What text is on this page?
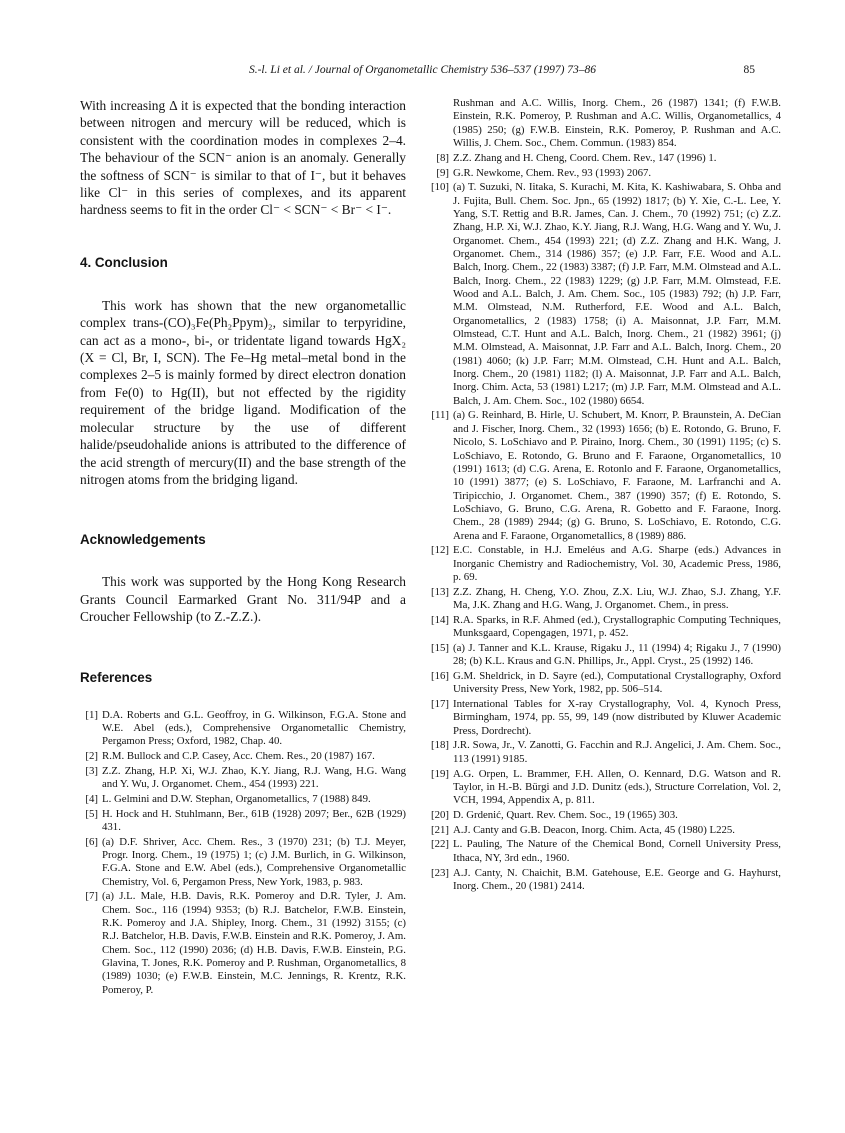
S.-l. Li et al. / Journal of Organometallic Chemistry 536–537 (1997) 73–86	85

With increasing Δ it is expected that the bonding interaction between nitrogen and mercury will be reduced, which is consistent with the coordination modes in complexes 2–4. The behaviour of the SCN⁻ anion is an anomaly. Generally the softness of SCN⁻ is similar to that of I⁻, but it behaves like Cl⁻ in this series of complexes, and its apparent hardness seems to fit in the order Cl⁻ < SCN⁻ < Br⁻ < I⁻.

4. Conclusion

This work has shown that the new organometallic complex trans-(CO)₃Fe(Ph₂Ppym)₂, similar to terpyridine, can act as a mono-, bi-, or tridentate ligand towards HgX₂ (X = Cl, Br, I, SCN). The Fe–Hg metal–metal bond in the complexes 2–5 is mainly formed by direct electron donation from Fe(0) to Hg(II), but not effected by the rigidity requirement of the bridge ligand. Modification of the molecular structure by the use of different halide/pseudohalide anions is attributed to the difference of the acid strength of mercury(II) and the base strength of the nitrogen atoms from the bridging ligand.

Acknowledgements

This work was supported by the Hong Kong Research Grants Council Earmarked Grant No. 311/94P and a Croucher Fellowship (to Z.-Z.Z.).

References
[1] D.A. Roberts and G.L. Geoffroy, in G. Wilkinson, F.G.A. Stone and W.E. Abel (eds.), Comprehensive Organometallic Chemistry, Pergamon Press; Oxford, 1982, Chap. 40.
[2] R.M. Bullock and C.P. Casey, Acc. Chem. Res., 20 (1987) 167.
[3] Z.Z. Zhang, H.P. Xi, W.J. Zhao, K.Y. Jiang, R.J. Wang, H.G. Wang and Y. Wu, J. Organomet. Chem., 454 (1993) 221.
[4] L. Gelmini and D.W. Stephan, Organometallics, 7 (1988) 849.
[5] H. Hock and H. Stuhlmann, Ber., 61B (1928) 2097; Ber., 62B (1929) 431.
[6] (a) D.F. Shriver, Acc. Chem. Res., 3 (1970) 231; (b) T.J. Meyer, Progr. Inorg. Chem., 19 (1975) 1; (c) J.M. Burlich, in G. Wilkinson, F.G.A. Stone and E.W. Abel (eds.), Comprehensive Organometallic Chemistry, Vol. 6, Pergamon Press, New York, 1983, p. 983.
[7] (a) J.L. Male, H.B. Davis, R.K. Pomeroy and D.R. Tyler, J. Am. Chem. Soc., 116 (1994) 9353; (b) R.J. Batchelor, F.W.B. Einstein, R.K. Pomeroy and J.A. Shipley, Inorg. Chem., 31 (1992) 3155; (c) R.J. Batchelor, H.B. Davis, F.W.B. Einstein and R.K. Pomeroy, J. Am. Chem. Soc., 112 (1990) 2036; (d) H.B. Davis, F.W.B. Einstein, P.G. Glavina, T. Jones, R.K. Pomeroy and P. Rushman, Organometallics, 8 (1989) 1030; (e) F.W.B. Einstein, M.C. Jennings, R. Krentz, R.K. Pomeroy, P.
Rushman and A.C. Willis, Inorg. Chem., 26 (1987) 1341; (f) F.W.B. Einstein, R.K. Pomeroy, P. Rushman and A.C. Willis, Organometallics, 4 (1985) 250; (g) F.W.B. Einstein, R.K. Pomeroy, P. Rushman and A.C. Willis, J. Chem. Soc., Chem. Commun. (1983) 854.
[8] Z.Z. Zhang and H. Cheng, Coord. Chem. Rev., 147 (1996) 1.
[9] G.R. Newkome, Chem. Rev., 93 (1993) 2067.
[10] (a) T. Suzuki, N. Iitaka, S. Kurachi, M. Kita, K. Kashiwabara, S. Ohba and J. Fujita, Bull. Chem. Soc. Jpn., 65 (1992) 1817; (b) Y. Xie, C.-L. Lee, Y. Yang, S.T. Rettig and B.R. James, Can. J. Chem., 70 (1992) 751; (c) Z.Z. Zhang, H.P. Xi, W.J. Zhao, K.Y. Jiang, R.J. Wang, H.G. Wang and Y. Wu, J. Organomet. Chem., 454 (1993) 221; (d) Z.Z. Zhang and H.K. Wang, J. Organomet. Chem., 314 (1986) 357; (e) J.P. Farr, F.E. Wood and A.L. Balch, Inorg. Chem., 22 (1983) 3387; (f) J.P. Farr, M.M. Olmstead and A.L. Balch, Inorg. Chem., 22 (1983) 1229; (g) J.P. Farr, M.M. Olmstead, F.E. Wood and A.L. Balch, J. Am. Chem. Soc., 105 (1983) 792; (h) J.P. Farr, M.M. Olmstead, N.M. Rutherford, F.E. Wood and A.L. Balch, Organometallics, 2 (1983) 1758; (i) A. Maisonnat, J.P. Farr, M.M. Olmstead, C.T. Hunt and A.L. Balch, Inorg. Chem., 21 (1982) 3961; (j) M.M. Olmstead, A. Maisonnat, J.P. Farr and A.L. Balch, Inorg. Chem., 20 (1981) 4060; (k) J.P. Farr; M.M. Olmstead, C.H. Hunt and A.L. Balch, Inorg. Chem., 20 (1981) 1182; (l) A. Maisonnat, J.P. Farr and A.L. Balch, Inorg. Chim. Acta, 53 (1981) L217; (m) J.P. Farr, M.M. Olmstead and A.L. Balch, J. Am. Chem. Soc., 102 (1980) 6654.
[11] (a) G. Reinhard, B. Hirle, U. Schubert, M. Knorr, P. Braunstein, A. DeCian and J. Fischer, Inorg. Chem., 32 (1993) 1656; (b) E. Rotondo, G. Bruno, F. Nicolo, S. LoSchiavo and P. Piraino, Inorg. Chem., 30 (1991) 1195; (c) S. LoSchiavo, E. Rotondo, G. Bruno and F. Faraone, Organometallics, 10 (1991) 1613; (d) C.G. Arena, E. Rotonlo and F. Faraone, Organometallics, 10 (1991) 3877; (e) S. LoSchiavo, F. Faraone, M. Larfranchi and A. Tiripicchio, J. Organomet. Chem., 387 (1990) 357; (f) E. Rotondo, S. LoSchiavo, G. Bruno, C.G. Arena, R. Gobetto and F. Faraone, Inorg. Chem., 28 (1989) 2944; (g) G. Bruno, S. LoSchiavo, E. Rotondo, C.G. Arena and F. Faraone, Organometallics, 8 (1989) 886.
[12] E.C. Constable, in H.J. Emeléus and A.G. Sharpe (eds.) Advances in Inorganic Chemistry and Radiochemistry, Vol. 30, Academic Press, 1986, p. 69.
[13] Z.Z. Zhang, H. Cheng, Y.O. Zhou, Z.X. Liu, W.J. Zhao, S.J. Zhang, Y.F. Ma, J.K. Zhang and H.G. Wang, J. Organomet. Chem., in press.
[14] R.A. Sparks, in R.F. Ahmed (ed.), Crystallographic Computing Techniques, Munksgaard, Copengagen, 1971, p. 452.
[15] (a) J. Tanner and K.L. Krause, Rigaku J., 11 (1994) 4; Rigaku J., 7 (1990) 28; (b) K.L. Kraus and G.N. Phillips, Jr., Appl. Cryst., 25 (1992) 146.
[16] G.M. Sheldrick, in D. Sayre (ed.), Computational Crystallography, Oxford University Press, New York, 1982, pp. 506–514.
[17] International Tables for X-ray Crystallography, Vol. 4, Kynoch Press, Birmingham, 1974, pp. 55, 99, 149 (now distributed by Kluwer Academic Press, Dordrecht).
[18] J.R. Sowa, Jr., V. Zanotti, G. Facchin and R.J. Angelici, J. Am. Chem. Soc., 113 (1991) 9185.
[19] A.G. Orpen, L. Brammer, F.H. Allen, O. Kennard, D.G. Watson and R. Taylor, in H.-B. Bürgi and J.D. Dunitz (eds.), Structure Correlation, Vol. 2, VCH, 1994, Appendix A, p. 811.
[20] D. Grdenić, Quart. Rev. Chem. Soc., 19 (1965) 303.
[21] A.J. Canty and G.B. Deacon, Inorg. Chim. Acta, 45 (1980) L225.
[22] L. Pauling, The Nature of the Chemical Bond, Cornell University Press, Ithaca, NY, 3rd edn., 1960.
[23] A.J. Canty, N. Chaichit, B.M. Gatehouse, E.E. George and G. Hayhurst, Inorg. Chem., 20 (1981) 2414.
